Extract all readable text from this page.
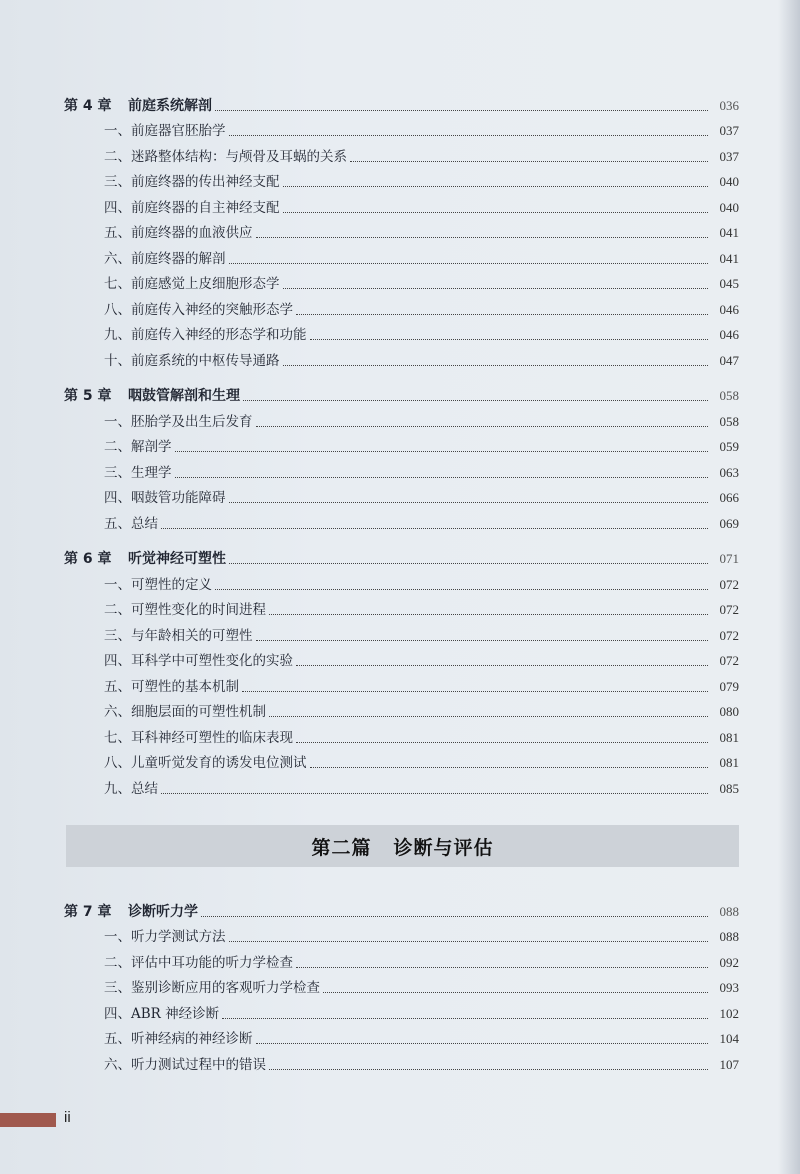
第 4 章 前庭系统解剖	036
一、前庭器官胚胎学	037
二、迷路整体结构：与颅骨及耳蜗的关系	037
三、前庭终器的传出神经支配	040
四、前庭终器的自主神经支配	040
五、前庭终器的血液供应	041
六、前庭终器的解剖	041
七、前庭感觉上皮细胞形态学	045
八、前庭传入神经的突触形态学	046
九、前庭传入神经的形态学和功能	046
十、前庭系统的中枢传导通路	047
第 5 章 咽鼓管解剖和生理	058
一、胚胎学及出生后发育	058
二、解剖学	059
三、生理学	063
四、咽鼓管功能障碍	066
五、总结	069
第 6 章 听觉神经可塑性	071
一、可塑性的定义	072
二、可塑性变化的时间进程	072
三、与年龄相关的可塑性	072
四、耳科学中可塑性变化的实验	072
五、可塑性的基本机制	079
六、细胞层面的可塑性机制	080
七、耳科神经可塑性的临床表现	081
八、儿童听觉发育的诱发电位测试	081
九、总结	085
第二篇 诊断与评估
第 7 章 诊断听力学	088
一、听力学测试方法	088
二、评估中耳功能的听力学检查	092
三、鉴别诊断应用的客观听力学检查	093
四、ABR 神经诊断	102
五、听神经病的神经诊断	104
六、听力测试过程中的错误	107
ii
